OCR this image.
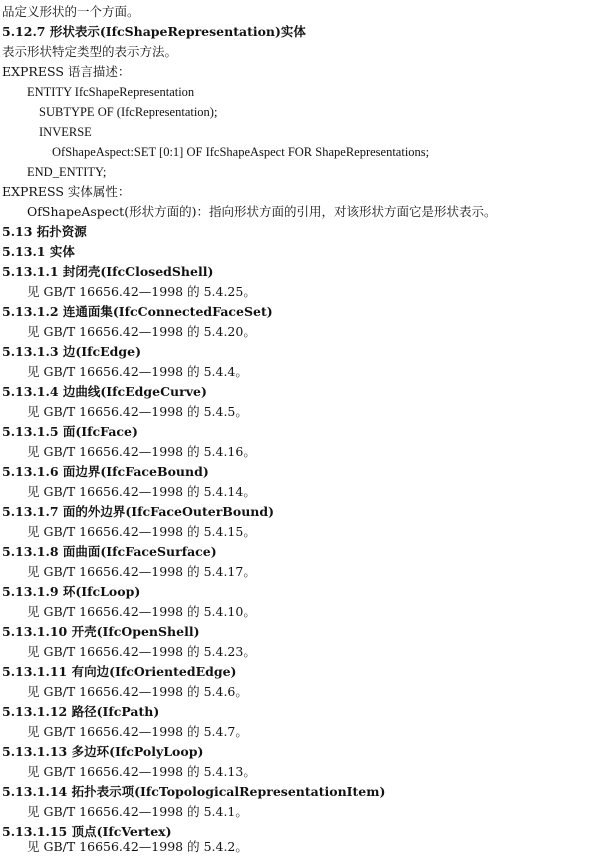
品定义形状的一个方面。
5.12.7 形状表示(IfcShapeRepresentation)实体
表示形状特定类型的表示方法。
EXPRESS 语言描述：
ENTITY IfcShapeRepresentation
SUBTYPE OF (IfcRepresentation);
INVERSE
OfShapeAspect:SET [0:1] OF IfcShapeAspect FOR ShapeRepresentations;
END_ENTITY;
EXPRESS 实体属性：
OfShapeAspect(形状方面的)：指向形状方面的引用，对该形状方面它是形状表示。
5.13 拓扑资源
5.13.1 实体
5.13.1.1 封闭壳(IfcClosedShell)
见 GB/T 16656.42—1998 的 5.4.25。
5.13.1.2 连通面集(IfcConnectedFaceSet)
见 GB/T 16656.42—1998 的 5.4.20。
5.13.1.3 边(IfcEdge)
见 GB/T 16656.42—1998 的 5.4.4。
5.13.1.4 边曲线(IfcEdgeCurve)
见 GB/T 16656.42—1998 的 5.4.5。
5.13.1.5 面(IfcFace)
见 GB/T 16656.42—1998 的 5.4.16。
5.13.1.6 面边界(IfcFaceBound)
见 GB/T 16656.42—1998 的 5.4.14。
5.13.1.7 面的外边界(IfcFaceOuterBound)
见 GB/T 16656.42—1998 的 5.4.15。
5.13.1.8 面曲面(IfcFaceSurface)
见 GB/T 16656.42—1998 的 5.4.17。
5.13.1.9 环(IfcLoop)
见 GB/T 16656.42—1998 的 5.4.10。
5.13.1.10 开壳(IfcOpenShell)
见 GB/T 16656.42—1998 的 5.4.23。
5.13.1.11 有向边(IfcOrientedEdge)
见 GB/T 16656.42—1998 的 5.4.6。
5.13.1.12 路径(IfcPath)
见 GB/T 16656.42—1998 的 5.4.7。
5.13.1.13 多边环(IfcPolyLoop)
见 GB/T 16656.42—1998 的 5.4.13。
5.13.1.14 拓扑表示项(IfcTopologicalRepresentationItem)
见 GB/T 16656.42—1998 的 5.4.1。
5.13.1.15 顶点(IfcVertex)
见 GB/T 16656.42—1998 的 5.4.2。
